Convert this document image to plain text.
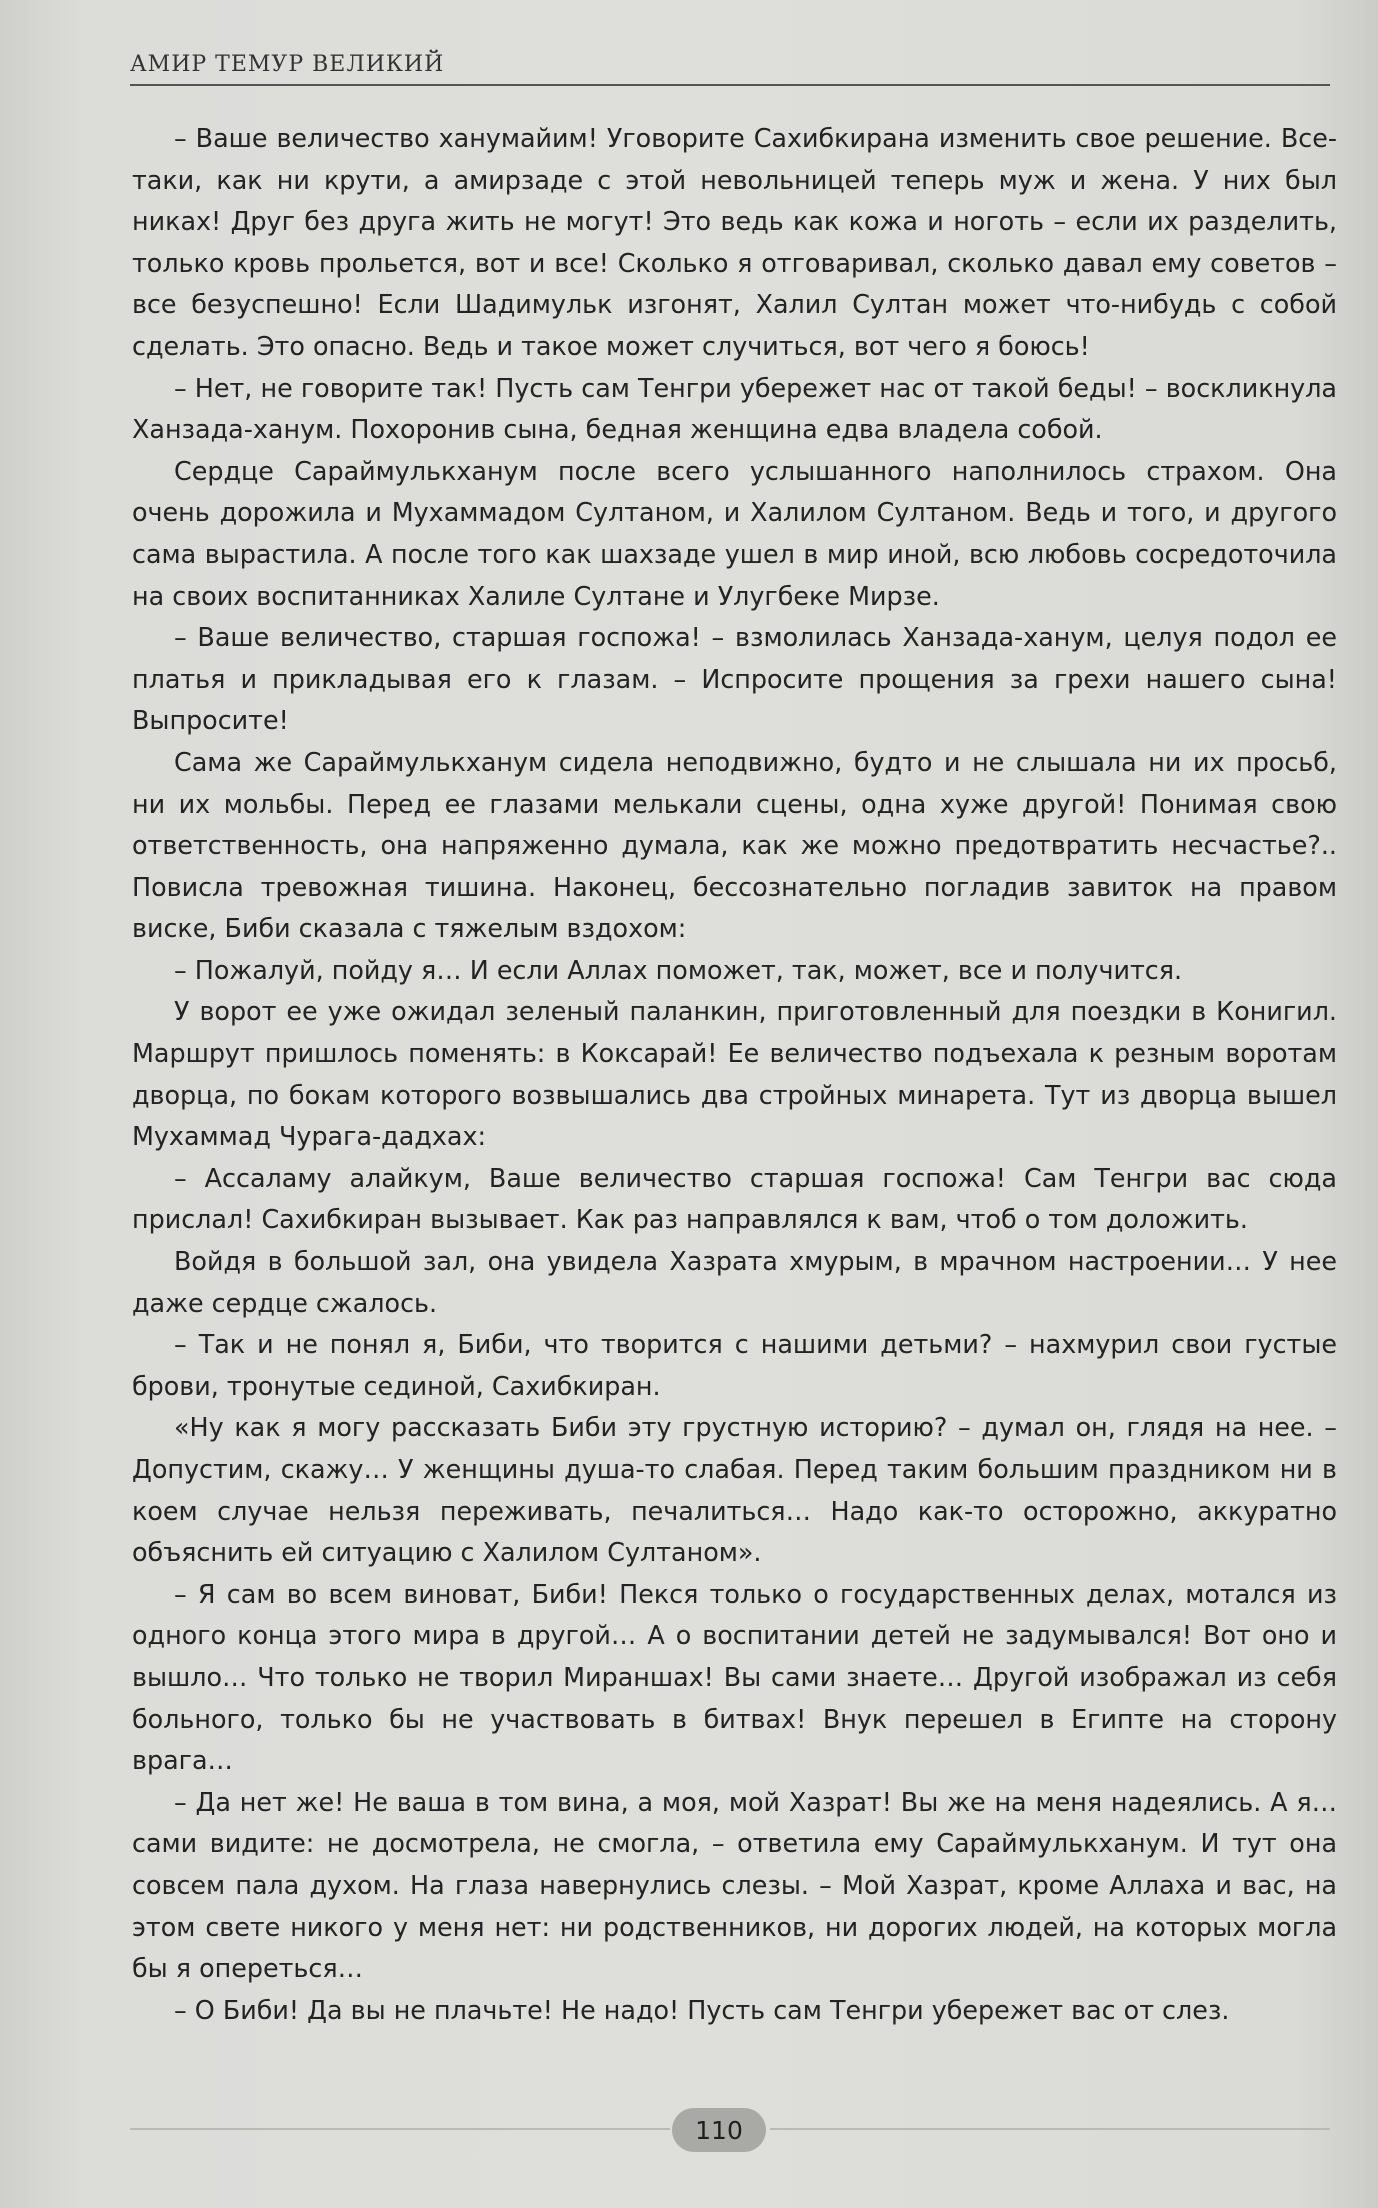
АМИР ТЕМУР ВЕЛИКИЙ

– Ваше величество ханумайим! Уговорите Сахибкирана изменить свое решение. Все-таки, как ни крути, а амирзаде с этой невольницей теперь муж и жена. У них был никах! Друг без друга жить не могут! Это ведь как кожа и ноготь – если их разделить, только кровь прольется, вот и все! Сколько я отговаривал, сколько давал ему советов – все безуспешно! Если Шадимульк изгонят, Халил Султан может что-нибудь с собой сделать. Это опасно. Ведь и такое может случиться, вот чего я боюсь!

– Нет, не говорите так! Пусть сам Тенгри убережет нас от такой беды! – воскликнула Ханзада-ханум. Похоронив сына, бедная женщина едва владела собой.

Сердце Сараймулькханум после всего услышанного наполнилось страхом. Она очень дорожила и Мухаммадом Султаном, и Халилом Султаном. Ведь и того, и другого сама вырастила. А после того как шахзаде ушел в мир иной, всю любовь сосредоточила на своих воспитанниках Халиле Султане и Улугбеке Мирзе.

– Ваше величество, старшая госпожа! – взмолилась Ханзада-ханум, целуя подол ее платья и прикладывая его к глазам. – Испросите прощения за грехи нашего сына! Выпросите!

Сама же Сараймулькханум сидела неподвижно, будто и не слышала ни их просьб, ни их мольбы. Перед ее глазами мелькали сцены, одна хуже другой! Понимая свою ответственность, она напряженно думала, как же можно предотвратить несчастье?.. Повисла тревожная тишина. Наконец, бессознательно погладив завиток на правом виске, Биби сказала с тяжелым вздохом:

– Пожалуй, пойду я… И если Аллах поможет, так, может, все и получится.

У ворот ее уже ожидал зеленый паланкин, приготовленный для поездки в Конигил. Маршрут пришлось поменять: в Коксарай! Ее величество подъехала к резным воротам дворца, по бокам которого возвышались два стройных минарета. Тут из дворца вышел Мухаммад Чурага-дадхах:

– Ассаламу алайкум, Ваше величество старшая госпожа! Сам Тенгри вас сюда прислал! Сахибкиран вызывает. Как раз направлялся к вам, чтоб о том доложить.

Войдя в большой зал, она увидела Хазрата хмурым, в мрачном настроении… У нее даже сердце сжалось.

– Так и не понял я, Биби, что творится с нашими детьми? – нахмурил свои густые брови, тронутые сединой, Сахибкиран.

«Ну как я могу рассказать Биби эту грустную историю? – думал он, глядя на нее. – Допустим, скажу… У женщины душа-то слабая. Перед таким большим праздником ни в коем случае нельзя переживать, печалиться… Надо как-то осторожно, аккуратно объяснить ей ситуацию с Халилом Султаном».

– Я сам во всем виноват, Биби! Пекся только о государственных делах, мотался из одного конца этого мира в другой… А о воспитании детей не задумывался! Вот оно и вышло… Что только не творил Мираншах! Вы сами знаете… Другой изображал из себя больного, только бы не участвовать в битвах! Внук перешел в Египте на сторону врага…

– Да нет же! Не ваша в том вина, а моя, мой Хазрат! Вы же на меня надеялись. А я… сами видите: не досмотрела, не смогла, – ответила ему Сараймулькханум. И тут она совсем пала духом. На глаза навернулись слезы. – Мой Хазрат, кроме Аллаха и вас, на этом свете никого у меня нет: ни родственников, ни дорогих людей, на которых могла бы я опереться…

– О Биби! Да вы не плачьте! Не надо! Пусть сам Тенгри убережет вас от слез.

110
